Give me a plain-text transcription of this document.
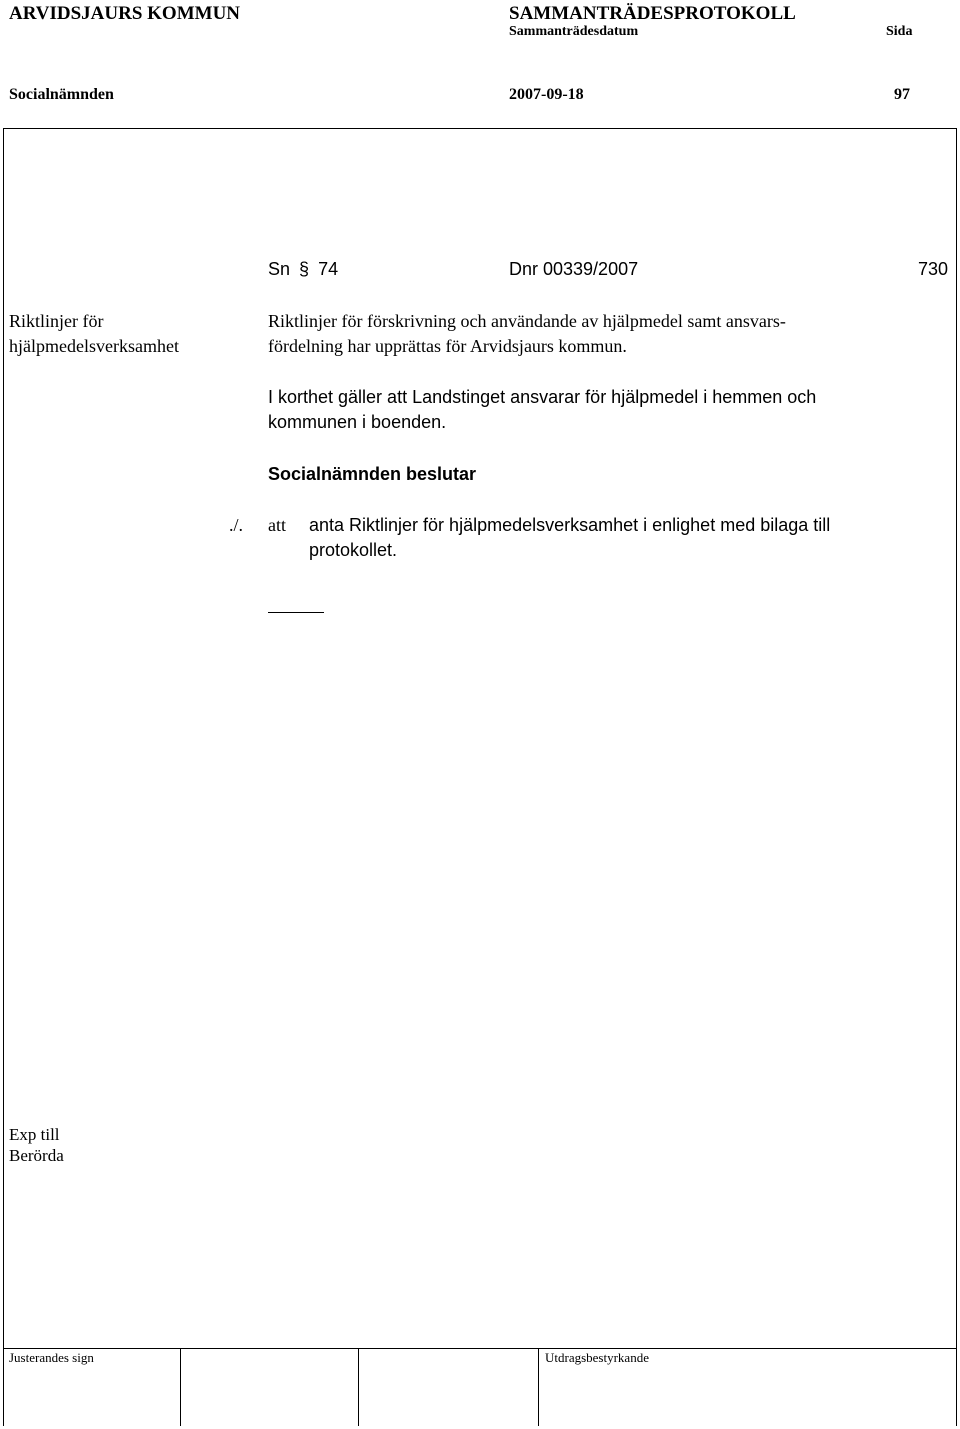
ARVIDSJAURS KOMMUN	SAMMANTRÄDESPROTOKOLL
Sammanträdesdatum	Sida
Socialnämnden	2007-09-18	97
Sn § 74	Dnr 00339/2007	730
Riktlinjer för
hjälpmedelsverksamhet
Riktlinjer för förskrivning och användande av hjälpmedel samt ansvars-
fördelning har upprättas för Arvidsjaurs kommun.
I korthet gäller att Landstinget ansvarar för hjälpmedel i hemmen och
kommunen i boenden.
Socialnämnden beslutar
./. att anta Riktlinjer för hjälpmedelsverksamhet i enlighet med bilaga till
protokollet.
Exp till
Berörda
Justerandes sign	Utdragsbestyrkande
